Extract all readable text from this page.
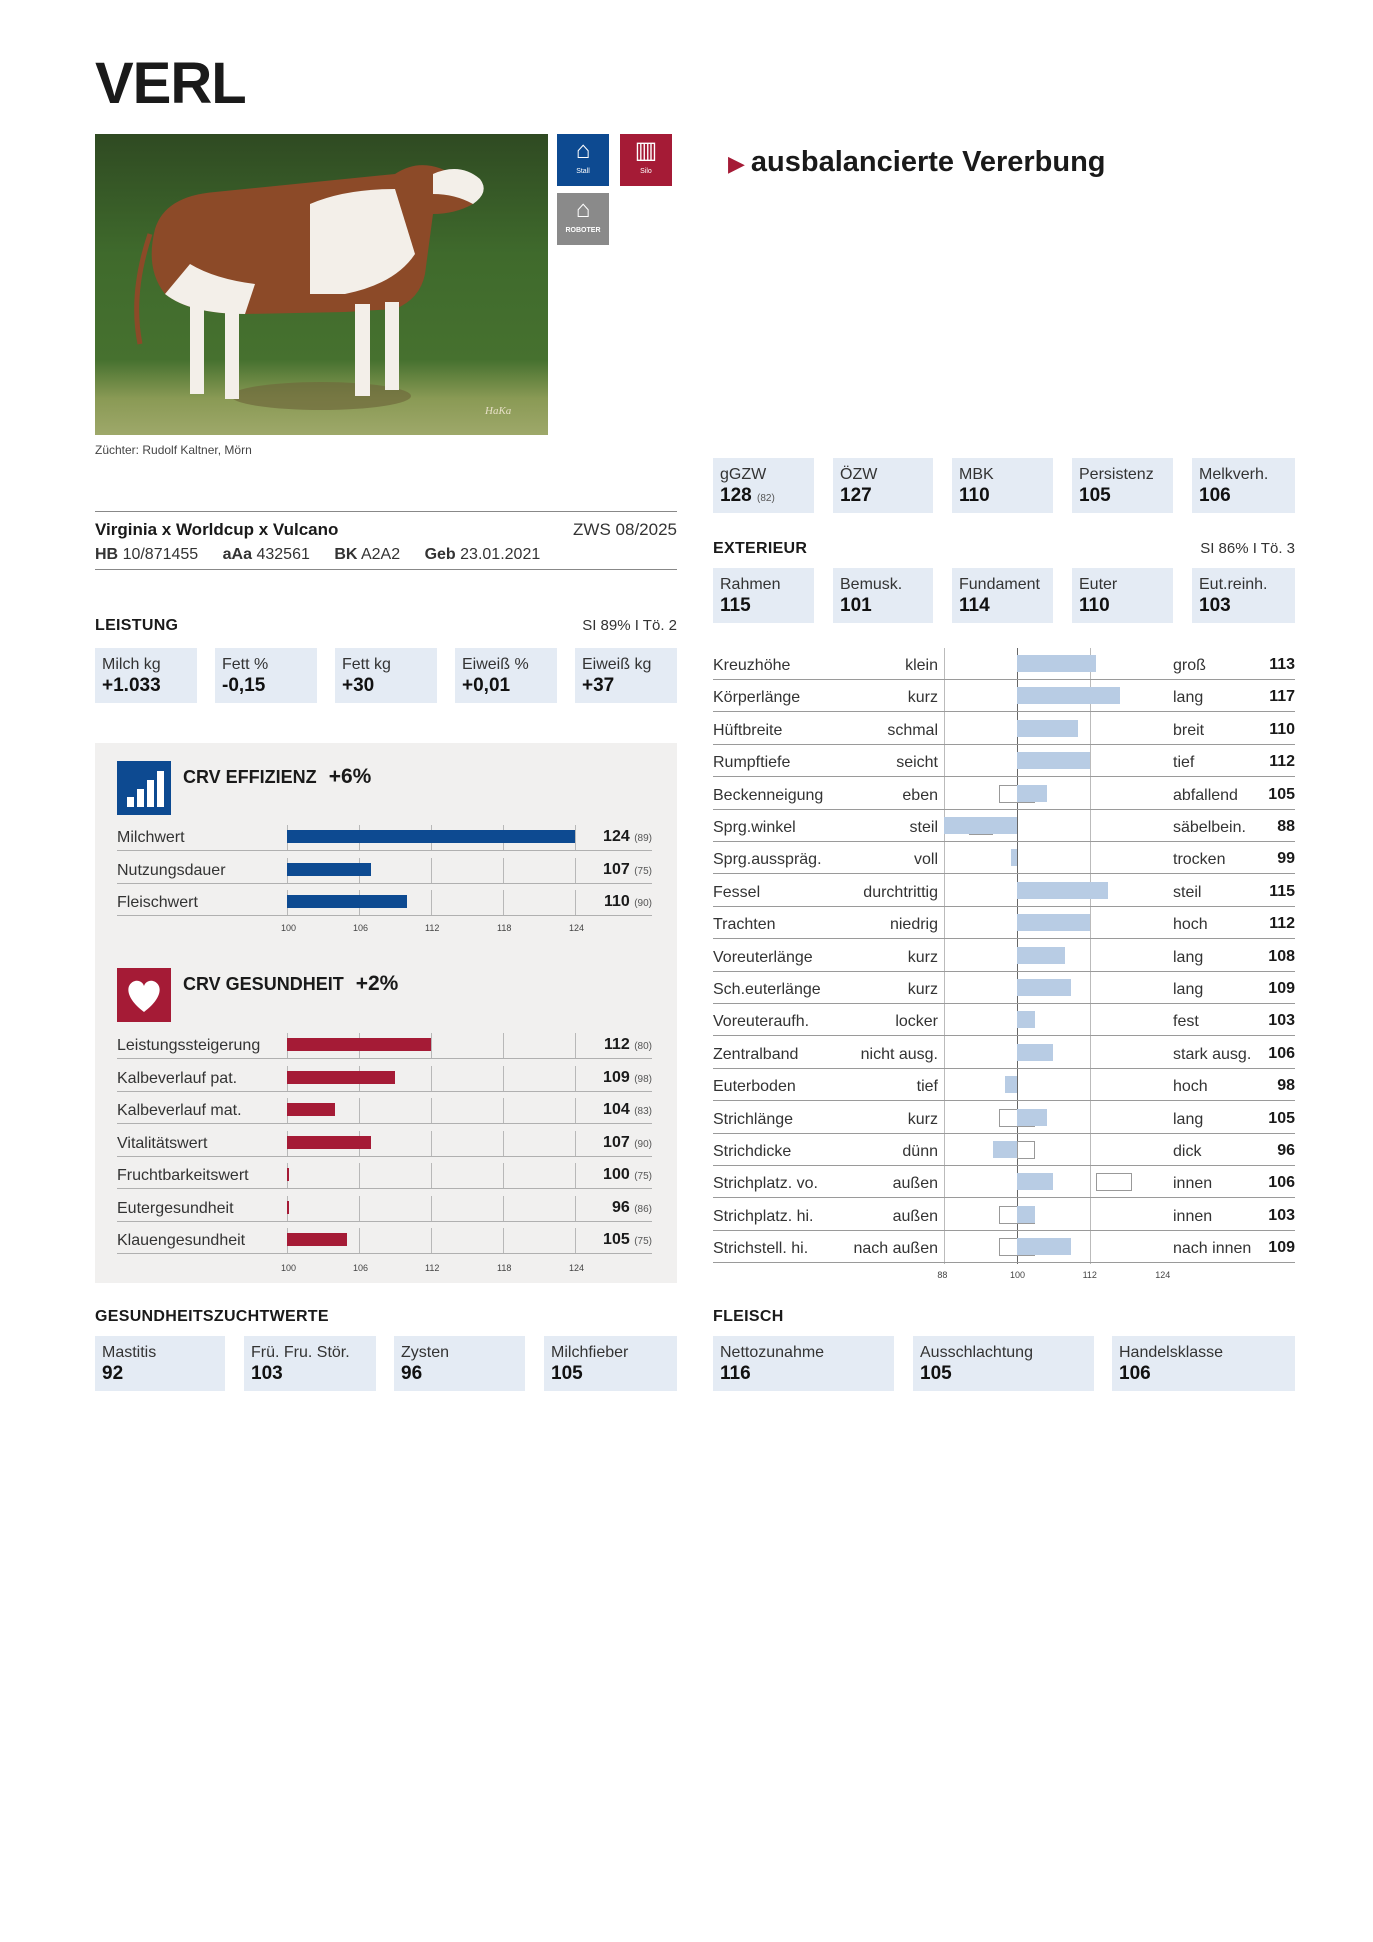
VERL
HaKa
Züchter: Rudolf Kaltner, Mörn
⌂
Stall
▥
Silo
⌂
ROBOTER
▶ ausbalancierte Vererbung
Virginia x Worldcup x Vulcano	ZWS 08/2025
HB 10/871455 aAa 432561 BK A2A2 Geb 23.01.2021
LEISTUNG	SI 89% I Tö. 2
Milch kg
+1.033
Fett %
-0,15
Fett kg
+30
Eiweiß %
+0,01
Eiweiß kg
+37
CRV EFFIZIENZ +6%
Milchwert	124 (89)
Nutzungsdauer	107 (75)
Fleischwert	110 (90)
100	106	112	118	124
CRV GESUNDHEIT +2%
Leistungssteigerung	112 (80)
Kalbeverlauf pat.	109 (98)
Kalbeverlauf mat.	104 (83)
Vitalitätswert	107 (90)
Fruchtbarkeitswert	100 (75)
Eutergesundheit	96 (86)
Klauengesundheit	105 (75)
100	106	112	118	124
gGZW
128 (82)
ÖZW
127
MBK
110
Persistenz
105
Melkverh.
106
EXTERIEUR	SI 86% I Tö. 3
Rahmen
115
Bemusk.
101
Fundament
114
Euter
110
Eut.reinh.
103
Kreuzhöhe	klein	groß	113
Körperlänge	kurz	lang	117
Hüftbreite	schmal	breit	110
Rumpftiefe	seicht	tief	112
Beckenneigung	eben	abfallend 105
Sprg.winkel	steil	säbelbein. 88
Sprg.ausspräg.	voll	trocken	99
Fessel	durchtrittig	steil	115
Trachten	niedrig	hoch	112
Voreuterlänge	kurz	lang	108
Sch.euterlänge	kurz	lang	109
Voreuteraufh.	locker	fest	103
Zentralband	nicht ausg.	stark ausg. 106
Euterboden	tief	hoch	98
Strichlänge	kurz	lang	105
Strichdicke	dünn	dick	96
Strichplatz. vo.	außen	innen	106
Strichplatz. hi.	außen	innen	103
Strichstell. hi.	nach außen	nach innen 109
88	100	112	124
GESUNDHEITSZUCHTWERTE
Mastitis
92
Frü. Fru. Stör.
103
Zysten
96
Milchfieber
105
FLEISCH
Nettozunahme
116
Ausschlachtung
105
Handelsklasse
106
